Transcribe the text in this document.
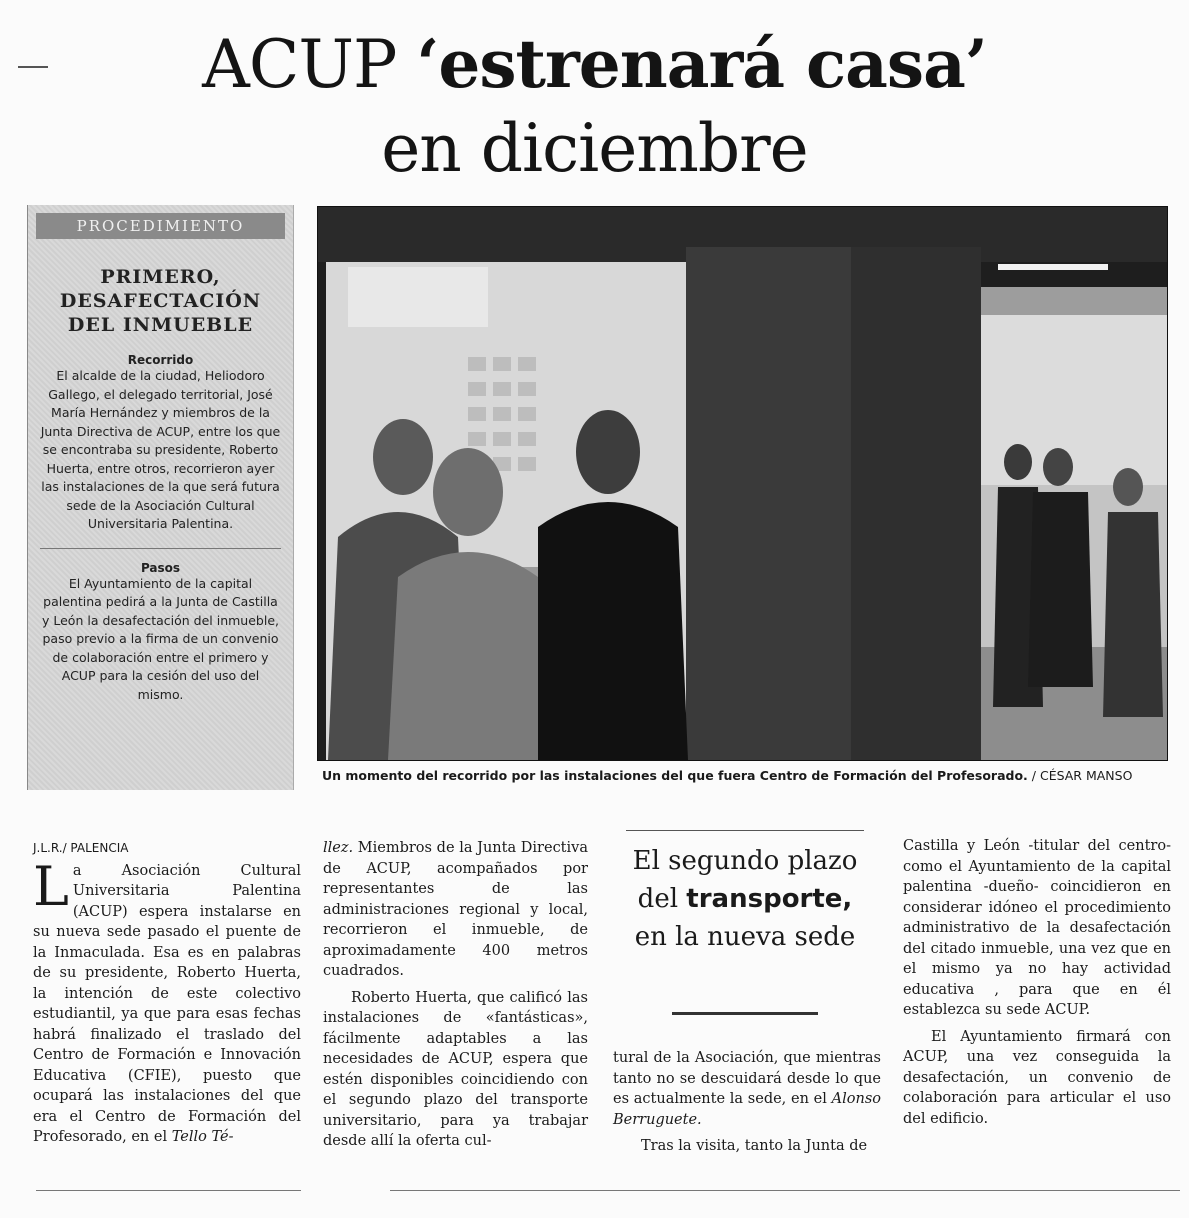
ACUP ‘estrenará casa’
en diciembre
PROCEDIMIENTO
PRIMERO,
DESAFECTACIÓN
DEL INMUEBLE
Recorrido
El alcalde de la ciudad, Heliodoro Gallego, el delegado territorial, José María Hernández y miembros de la Junta Directiva de ACUP, entre los que se encontraba su presidente, Roberto Huerta, entre otros, recorrieron ayer las instalaciones de la que será futura sede de la Asociación Cultural Universitaria Palentina.
Pasos
El Ayuntamiento de la capital palentina pedirá a la Junta de Castilla y León la desafectación del inmueble, paso previo a la firma de un convenio de colaboración entre el primero y ACUP para la cesión del uso del mismo.
Un momento del recorrido por las instalaciones del que fuera Centro de Formación del Profesorado. / CÉSAR MANSO
J.L.R./ PALENCIA
L a Asociación Cultural Universitaria Palentina (ACUP) espera instalarse en su nueva sede pasado el puente de la Inmaculada. Esa es en palabras de su presidente, Roberto Huerta, la intención de este colectivo estudiantil, ya que para esas fechas habrá finalizado el traslado del Centro de Formación e Innovación Educativa (CFIE), puesto que ocupará las instalaciones del que era el Centro de Formación del Profesorado, en el Tello Té-
llez. Miembros de la Junta Directiva de ACUP, acompañados por representantes de las administraciones regional y local, recorrieron el inmueble, de aproximadamente 400 metros cuadrados.
Roberto Huerta, que calificó las instalaciones de «fantásticas», fácilmente adaptables a las necesidades de ACUP, espera que estén disponibles coincidiendo con el segundo plazo del transporte universitario, para ya trabajar desde allí la oferta cul-
El segundo plazo del transporte, en la nueva sede
tural de la Asociación, que mientras tanto no se descuidará desde lo que es actualmente la sede, en el Alonso Berruguete.
Tras la visita, tanto la Junta de
Castilla y León -titular del centro- como el Ayuntamiento de la capital palentina -dueño- coincidieron en considerar idóneo el procedimiento administrativo de la desafectación del citado inmueble, una vez que en el mismo ya no hay actividad educativa , para que en él establezca su sede ACUP.
El Ayuntamiento firmará con ACUP, una vez conseguida la desafectación, un convenio de colaboración para articular el uso del edificio.
